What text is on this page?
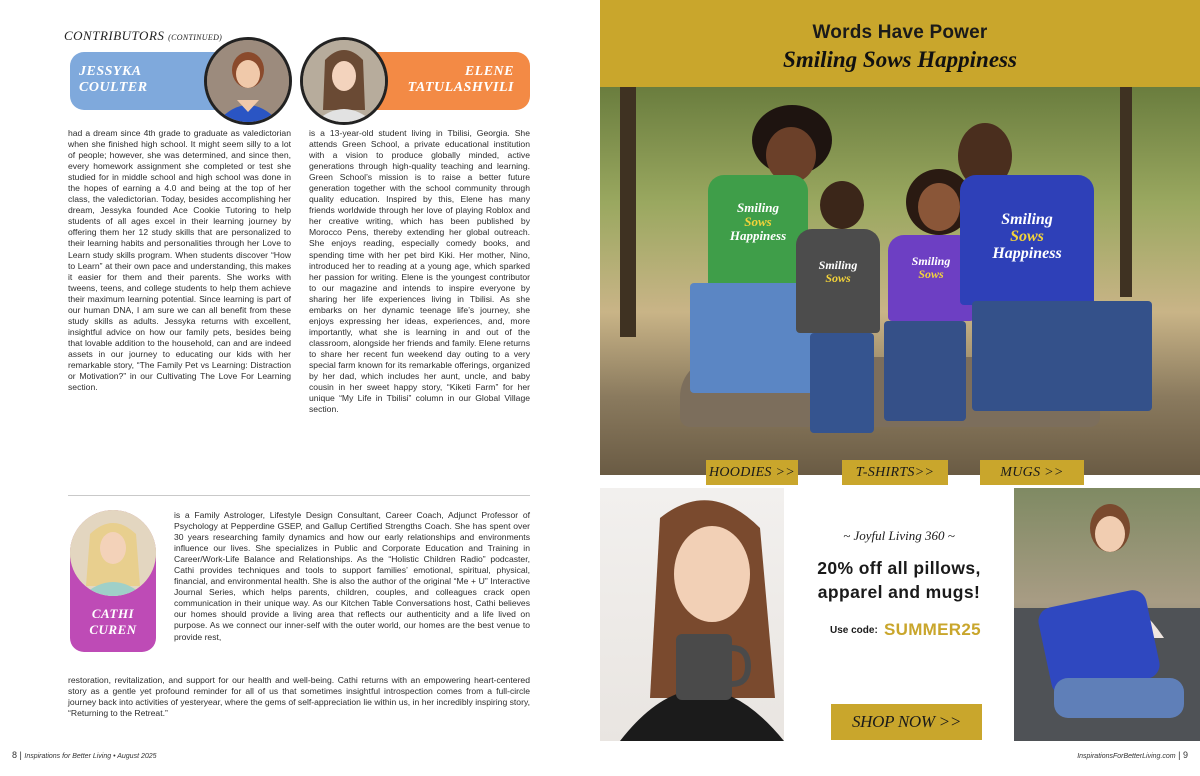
CONTRIBUTORS (CONTINUED)
JESSYKA
COULTER
ELENE
TATULASHVILI
had a dream since 4th grade to graduate as valedictorian when she finished high school. It might seem silly to a lot of people; however, she was determined, and since then, every homework assignment she completed or test she studied for in middle school and high school was done in the hopes of earning a 4.0 and being at the top of her class, the valedictorian. Today, besides accomplishing her dream, Jessyka founded Ace Cookie Tutoring to help students of all ages excel in their learning journey by offering them her 12 study skills that are personalized to their learning habits and personalities through her Love to Learn study skills program. When students discover “How to Learn” at their own pace and understanding, this makes it easier for them and their parents. She works with tweens, teens, and college students to help them achieve their maximum learning potential. Since learning is part of our human DNA, I am sure we can all benefit from these study skills as adults. Jessyka returns with excellent, insightful advice on how our family pets, besides being that lovable addition to the household, can and are indeed assets in our journey to educating our kids with her remarkable story, “The Family Pet vs Learning: Distraction or Motivation?” in our Cultivating The Love For Learning section.
is a 13-year-old student living in Tbilisi, Georgia. She attends Green School, a private educational institution with a vision to produce globally minded, active generations through high-quality teaching and learning. Green School’s mission is to raise a better future generation together with the school community through quality education. Inspired by this, Elene has many friends worldwide through her love of playing Roblox and her creative writing, which has been published by Morocco Pens, thereby extending her global outreach. She enjoys reading, especially comedy books, and spending time with her pet bird Kiki. Her mother, Nino, introduced her to reading at a young age, which sparked her passion for writing. Elene is the youngest contributor to our magazine and intends to inspire everyone by sharing her life experiences living in Tbilisi. As she embarks on her dynamic teenage life’s journey, she enjoys expressing her ideas, experiences, and, more importantly, what she is learning in and out of the classroom, alongside her friends and family. Elene returns to share her recent fun weekend day outing to a very special farm known for its remarkable offerings, organized by her dad, which includes her aunt, uncle, and baby cousin in her sweet happy story, “Kiketi Farm” for her unique “My Life in Tbilisi” column in our Global Village section.
CATHI
CUREN
is a Family Astrologer, Lifestyle Design Consultant, Career Coach, Adjunct Professor of Psychology at Pepperdine GSEP, and Gallup Certified Strengths Coach. She has spent over 30 years researching family dynamics and how our early relationships and environments influence our lives. She specializes in Public and Corporate Education and Training in Career/Work-Life Balance and Relationships. As the “Holistic Children Radio” podcaster, Cathi provides techniques and tools to support families’ emotional, spiritual, physical, financial, and environmental health. She is also the author of the original “Me + U” Interactive Journal Series, which helps parents, children, couples, and colleagues crack open communication in their unique way. As our Kitchen Table Conversations host, Cathi believes our homes should provide a living area that reflects our authenticity and a life lived on purpose. As we connect our inner-self with the outer world, our homes are the best venue to provide rest,
restoration, revitalization, and support for our health and well-being. Cathi returns with an empowering heart-centered story as a gentle yet profound reminder for all of us that sometimes insightful introspection comes from a full-circle journey back into activities of yesteryear, where the gems of self-appreciation lie within us, in her incredibly inspiring story, “Returning to the Retreat.”
8 | Inspirations for Better Living • August 2025
Words Have Power
Smiling Sows Happiness
Smiling
Sows
Happiness
Smiling
Sows
Smiling
Sows
Smiling
Sows
Happiness
HOODIES >>	T-SHIRTS>>	MUGS >>
~ Joyful Living 360 ~
20% off all pillows,
apparel and mugs!
Use code: SUMMER25
SHOP NOW >>
InspirationsForBetterLiving.com | 9
